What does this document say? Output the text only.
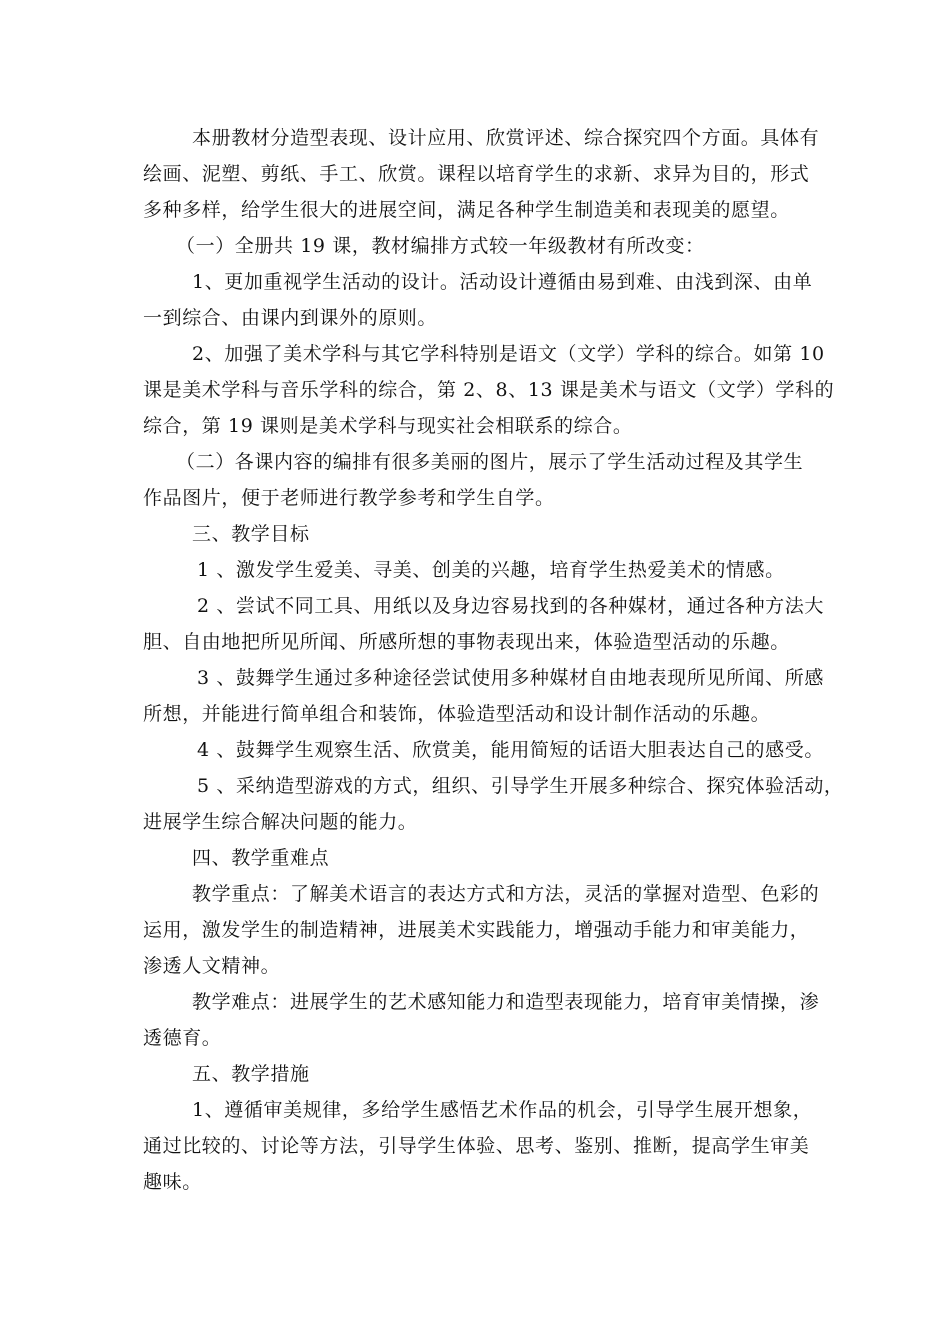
本册教材分造型表现、设计应用、欣赏评述、综合探究四个方面。具体有
绘画、泥塑、剪纸、手工、欣赏。课程以培育学生的求新、求异为目的，形式
多种多样，给学生很大的进展空间，满足各种学生制造美和表现美的愿望。
（一）全册共 19 课，教材编排方式较一年级教材有所改变：
1、更加重视学生活动的设计。活动设计遵循由易到难、由浅到深、由单
一到综合、由课内到课外的原则。
2、加强了美术学科与其它学科特别是语文（文学）学科的综合。如第 10
课是美术学科与音乐学科的综合，第 2、8、13 课是美术与语文（文学）学科的
综合，第 19 课则是美术学科与现实社会相联系的综合。
（二）各课内容的编排有很多美丽的图片，展示了学生活动过程及其学生
作品图片，便于老师进行教学参考和学生自学。
三、教学目标
1 、激发学生爱美、寻美、创美的兴趣，培育学生热爱美术的情感。
2 、尝试不同工具、用纸以及身边容易找到的各种媒材，通过各种方法大
胆、自由地把所见所闻、所感所想的事物表现出来，体验造型活动的乐趣。
3 、鼓舞学生通过多种途径尝试使用多种媒材自由地表现所见所闻、所感
所想，并能进行简单组合和装饰，体验造型活动和设计制作活动的乐趣。
4 、鼓舞学生观察生活、欣赏美，能用简短的话语大胆表达自己的感受。
5 、采纳造型游戏的方式，组织、引导学生开展多种综合、探究体验活动，
进展学生综合解决问题的能力。
四、教学重难点
教学重点：了解美术语言的表达方式和方法，灵活的掌握对造型、色彩的
运用，激发学生的制造精神，进展美术实践能力，增强动手能力和审美能力，
渗透人文精神。
教学难点：进展学生的艺术感知能力和造型表现能力，培育审美情操，渗
透德育。
五、教学措施
1、遵循审美规律，多给学生感悟艺术作品的机会，引导学生展开想象，
通过比较的、讨论等方法，引导学生体验、思考、鉴别、推断，提高学生审美
趣味。
